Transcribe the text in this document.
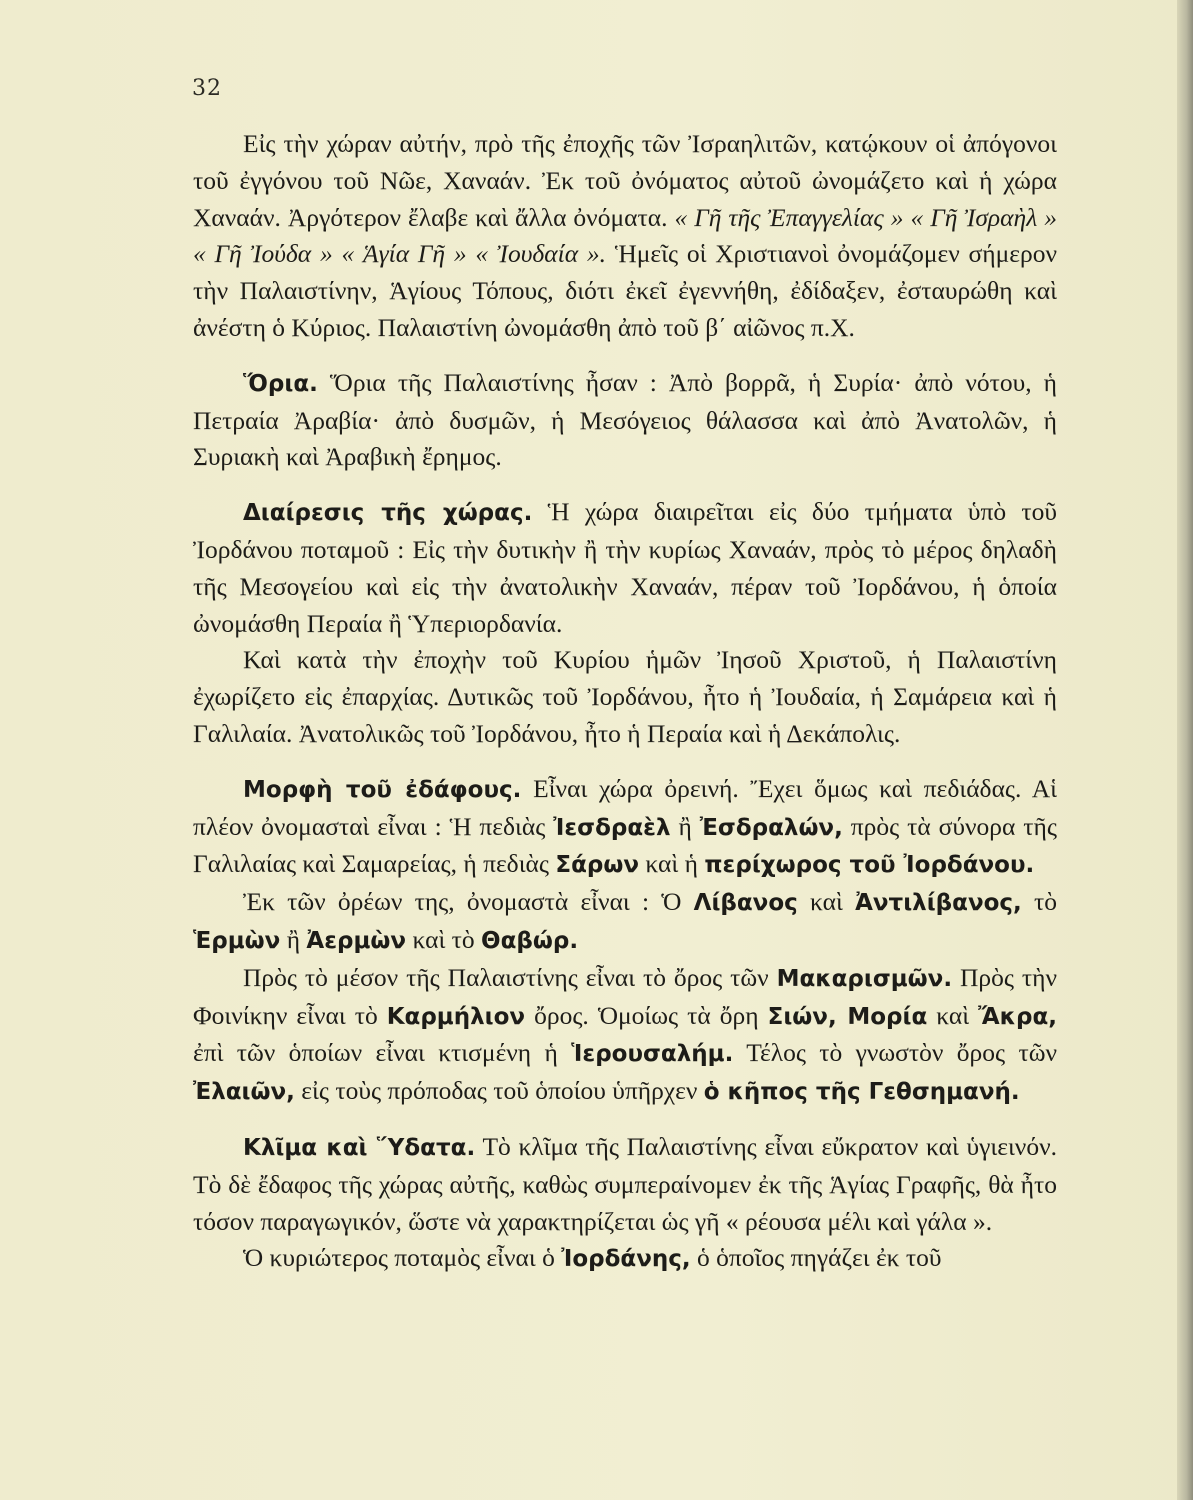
32

Εἰς τὴν χώραν αὐτήν, πρὸ τῆς ἐποχῆς τῶν Ἰσραηλιτῶν, κατῴκουν οἱ ἀπόγονοι τοῦ ἐγγόνου τοῦ Νῶε, Χαναάν. Ἐκ τοῦ ὀνόματος αὐτοῦ ὠνομάζετο καὶ ἡ χώρα Χαναάν. Ἀργότερον ἔλαβε καὶ ἄλλα ὀνόματα. « Γῆ τῆς Ἐπαγγελίας » « Γῆ Ἰσραὴλ » « Γῆ Ἰούδα » « Ἁγία Γῆ » « Ἰουδαία ». Ἡμεῖς οἱ Χριστιανοὶ ὀνομάζομεν σήμερον τὴν Παλαιστίνην, Ἁγίους Τόπους, διότι ἐκεῖ ἐγεννήθη, ἐδίδαξεν, ἐσταυρώθη καὶ ἀνέστη ὁ Κύριος. Παλαιστίνη ὠνομάσθη ἀπὸ τοῦ β΄ αἰῶνος π.Χ.

Ὅρια. Ὅρια τῆς Παλαιστίνης ἦσαν : Ἀπὸ βορρᾶ, ἡ Συρία· ἀπὸ νότου, ἡ Πετραία Ἀραβία· ἀπὸ δυσμῶν, ἡ Μεσόγειος θάλασσα καὶ ἀπὸ Ἀνατολῶν, ἡ Συριακὴ καὶ Ἀραβικὴ ἔρημος.

Διαίρεσις τῆς χώρας. Ἡ χώρα διαιρεῖται εἰς δύο τμήματα ὑπὸ τοῦ Ἰορδάνου ποταμοῦ : Εἰς τὴν δυτικὴν ἢ τὴν κυρίως Χαναάν, πρὸς τὸ μέρος δηλαδὴ τῆς Μεσογείου καὶ εἰς τὴν ἀνατολικὴν Χαναάν, πέραν τοῦ Ἰορδάνου, ἡ ὁποία ὠνομάσθη Περαία ἢ Ὑπεριορδανία.

Καὶ κατὰ τὴν ἐποχὴν τοῦ Κυρίου ἡμῶν Ἰησοῦ Χριστοῦ, ἡ Παλαιστίνη ἐχωρίζετο εἰς ἐπαρχίας. Δυτικῶς τοῦ Ἰορδάνου, ἦτο ἡ Ἰουδαία, ἡ Σαμάρεια καὶ ἡ Γαλιλαία. Ἀνατολικῶς τοῦ Ἰορδάνου, ἦτο ἡ Περαία καὶ ἡ Δεκάπολις.

Μορφὴ τοῦ ἐδάφους. Εἶναι χώρα ὀρεινή. Ἔχει ὅμως καὶ πεδιάδας. Αἱ πλέον ὀνομασταὶ εἶναι : Ἡ πεδιὰς Ἰεσδραὲλ ἢ Ἐσδραλών, πρὸς τὰ σύνορα τῆς Γαλιλαίας καὶ Σαμαρείας, ἡ πεδιὰς Σάρων καὶ ἡ περίχωρος τοῦ Ἰορδάνου.

Ἐκ τῶν ὀρέων της, ὀνομαστὰ εἶναι : Ὁ Λίβανος καὶ Ἀντιλίβανος, τὸ Ἑρμὼν ἢ Ἀερμὼν καὶ τὸ Θαβώρ.

Πρὸς τὸ μέσον τῆς Παλαιστίνης εἶναι τὸ ὄρος τῶν Μακαρισμῶν. Πρὸς τὴν Φοινίκην εἶναι τὸ Καρμήλιον ὄρος. Ὁμοίως τὰ ὄρη Σιών, Μορία καὶ Ἄκρα, ἐπὶ τῶν ὁποίων εἶναι κτισμένη ἡ Ἱερουσαλήμ. Τέλος τὸ γνωστὸν ὄρος τῶν Ἐλαιῶν, εἰς τοὺς πρόποδας τοῦ ὁποίου ὑπῆρχεν ὁ κῆπος τῆς Γεθσημανή.

Κλῖμα καὶ Ὕδατα. Τὸ κλῖμα τῆς Παλαιστίνης εἶναι εὔκρατον καὶ ὑγιεινόν. Τὸ δὲ ἔδαφος τῆς χώρας αὐτῆς, καθὼς συμπεραίνομεν ἐκ τῆς Ἁγίας Γραφῆς, θὰ ἦτο τόσον παραγωγικόν, ὥστε νὰ χαρακτηρίζεται ὡς γῆ « ρέουσα μέλι καὶ γάλα ».

Ὁ κυριώτερος ποταμὸς εἶναι ὁ Ἰορδάνης, ὁ ὁποῖος πηγάζει ἐκ τοῦ
